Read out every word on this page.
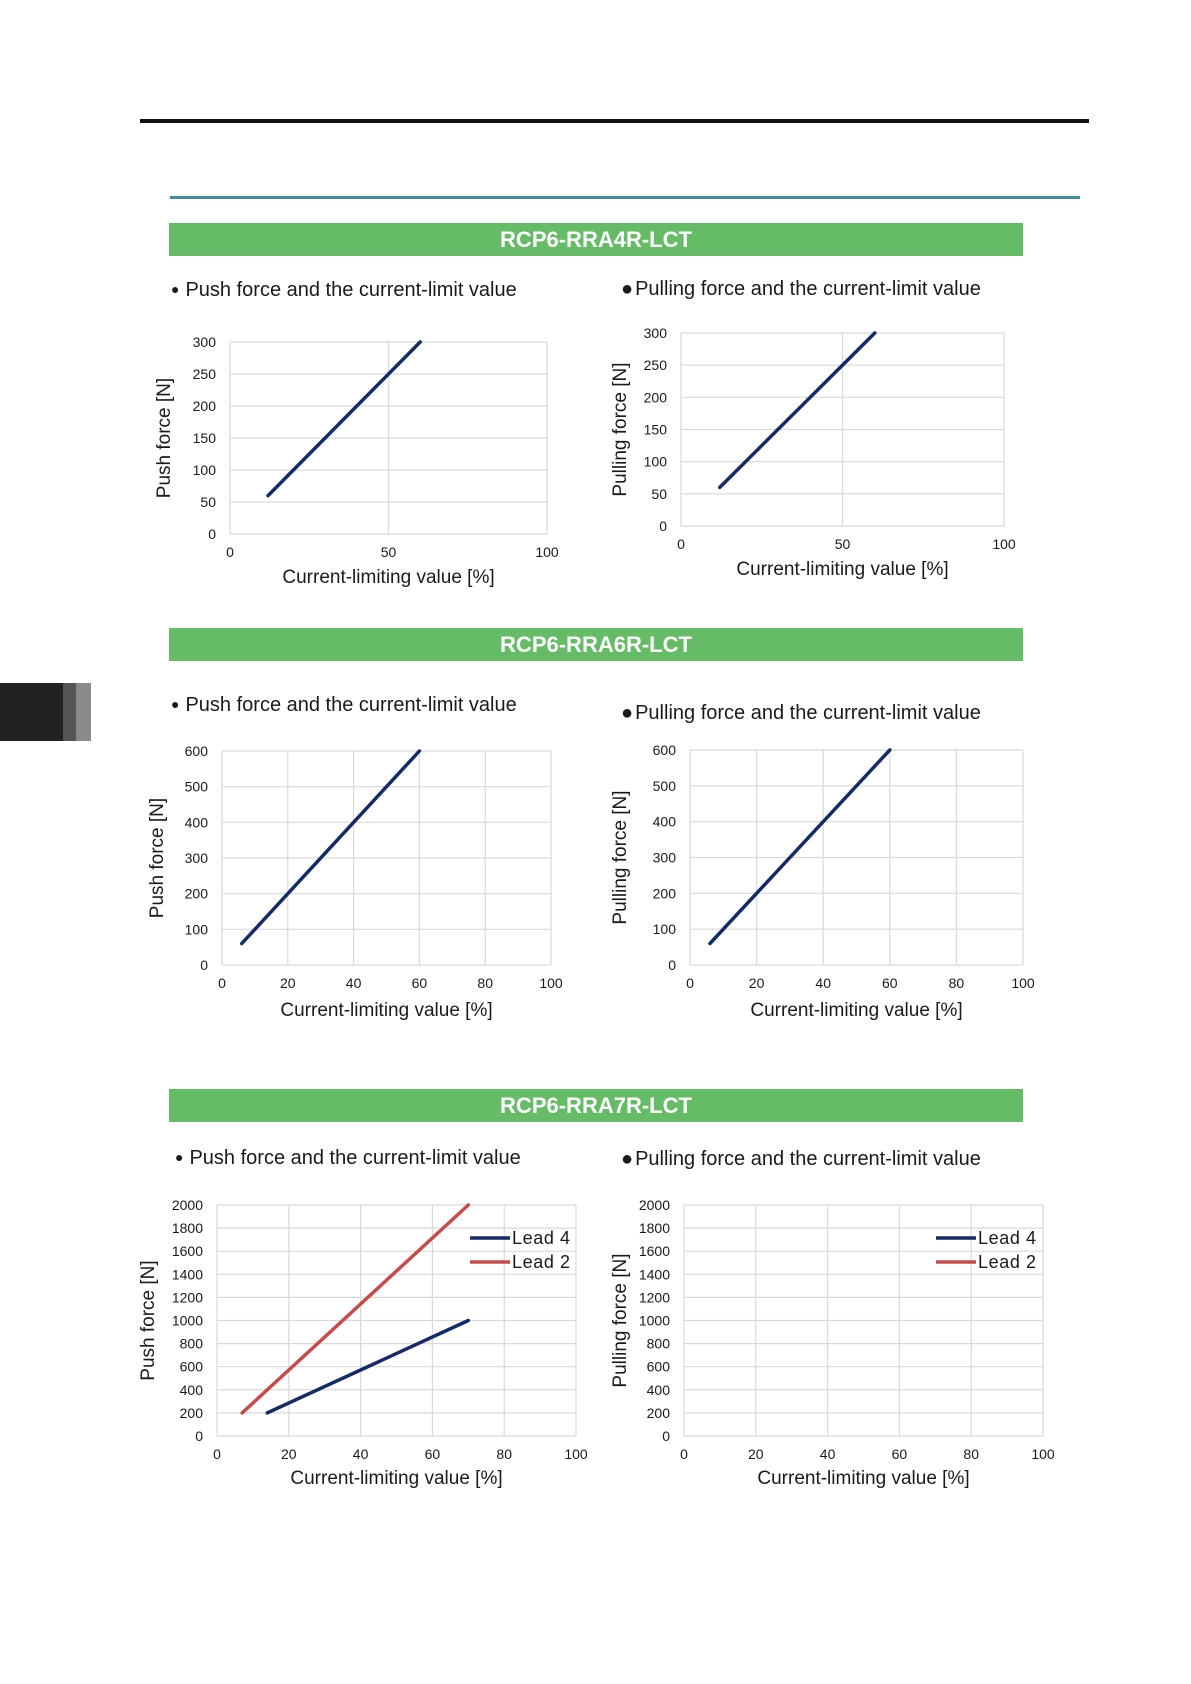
RCP6-RRA4R-LCT
RCP6-RRA6R-LCT
RCP6-RRA7R-LCT
● Push force and the current-limit value	● Pulling force and the current-limit value
● Push force and the current-limit value	● Pulling force and the current-limit value
● Push force and the current-limit value	● Pulling force and the current-limit value
0
50
100
150
200
250
300
0	50	100
Current-limiting value [%]
Push force [N]
0
50
100
150
200
250
300
0	50	100
Current-limiting value [%]
Pulling force [N]
0
100
200
300
400
500
600
0	20	40	60	80	100
Current-limiting value [%]
Push force [N]
0
100
200
300
400
500
600
0	20	40	60	80	100
Current-limiting value [%]
Pulling force [N]
0
200
400
600
800
1000
1200
1400
1600
1800
2000
0	20	40	60	80	100
Current-limiting value [%]
Push force [N]
Lead 4
Lead 2
0
200
400
600
800
1000
1200
1400
1600
1800
2000
0	20	40	60	80	100
Current-limiting value [%]
Pulling force [N]
Lead 4
Lead 2
